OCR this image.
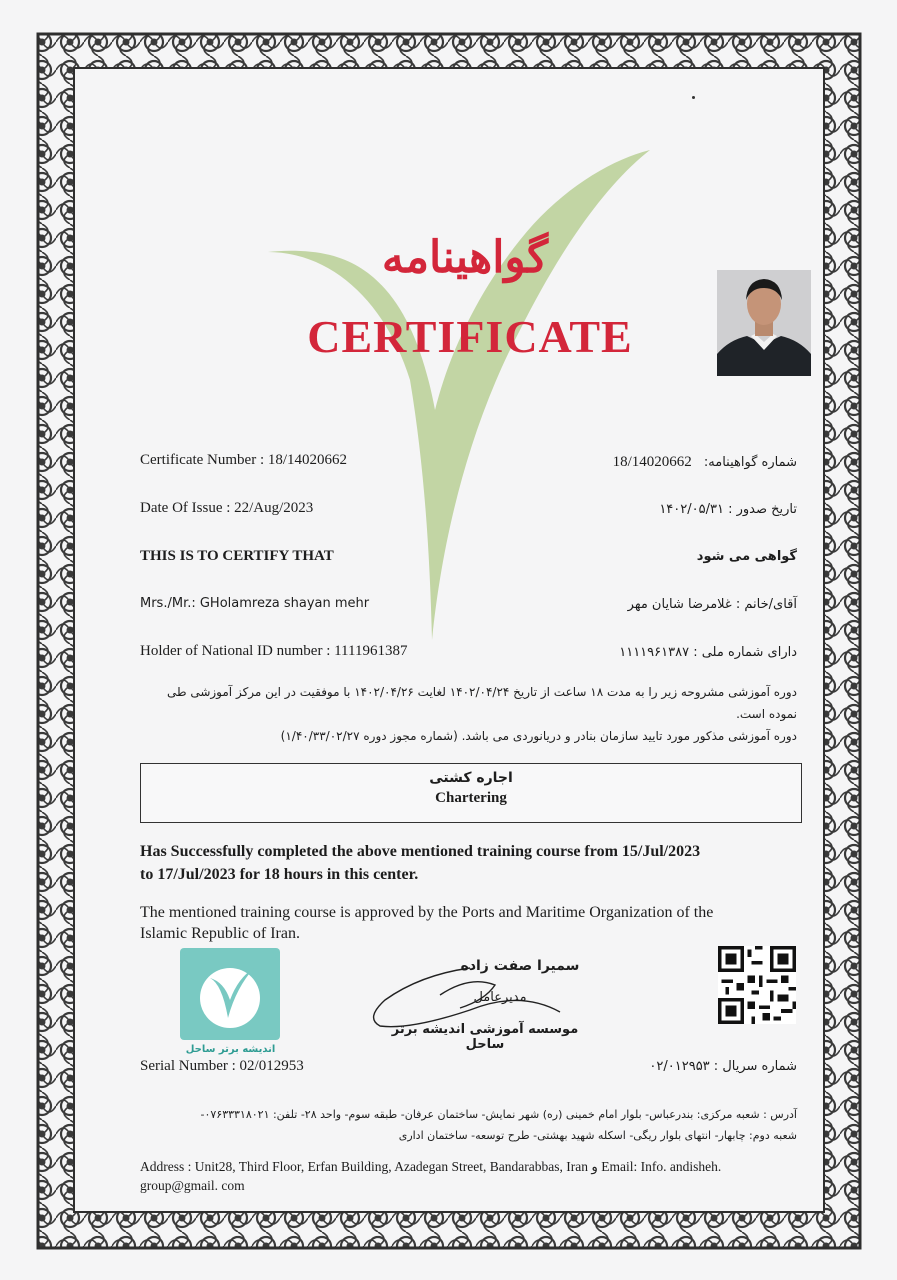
گواهینامه
CERTIFICATE
Certificate Number : 18/14020662	شماره گواهینامه: 18/14020662
Date Of Issue : 22/Aug/2023	تاریخ صدور : ۱۴۰۲/۰۵/۳۱
THIS IS TO CERTIFY THAT	گواهی می شود
Mrs./Mr.: GHolamreza shayan mehr	آقای/خانم : غلامرضا شایان مهر
Holder of National ID number : 1111961387	دارای شماره ملی : ۱۱۱۱۹۶۱۳۸۷
دوره آموزشی مشروحه زیر را به مدت ۱۸ ساعت از تاریخ ۱۴۰۲/۰۴/۲۴ لغایت ۱۴۰۲/۰۴/۲۶ با موفقیت در این مرکز آموزشی طی
نموده است.
دوره آموزشی مذکور مورد تایید سازمان بنادر و دریانوردی می باشد. (شماره مجوز دوره ۱/۴۰/۳۳/۰۲/۲۷)
اجاره کشتی
Chartering
Has Successfully completed the above mentioned training course from 15/Jul/2023
to 17/Jul/2023 for 18 hours in this center.
The mentioned training course is approved by the Ports and Maritime Organization of the
Islamic Republic of Iran.
اندیشه برتر ساحل
سمیرا صفت زاده
مدیرعامل
موسسه آموزشی اندیشه برتر ساحل
Serial Number : 02/012953	شماره سریال : ۰۲/۰۱۲۹۵۳
آدرس : شعبه مرکزی: بندرعباس- بلوار امام خمینی (ره) شهر نمایش- ساختمان عرفان- طبقه سوم- واحد ۲۸- تلفن: ۰۷۶۳۳۳۱۸۰۲۱-
شعبه دوم: چابهار- انتهای بلوار ریگی- اسکله شهید بهشتی- طرح توسعه- ساختمان اداری
Address : Unit28, Third Floor, Erfan Building, Azadegan Street, Bandarabbas, Iran و Email: Info. andisheh.
group@gmail. com
